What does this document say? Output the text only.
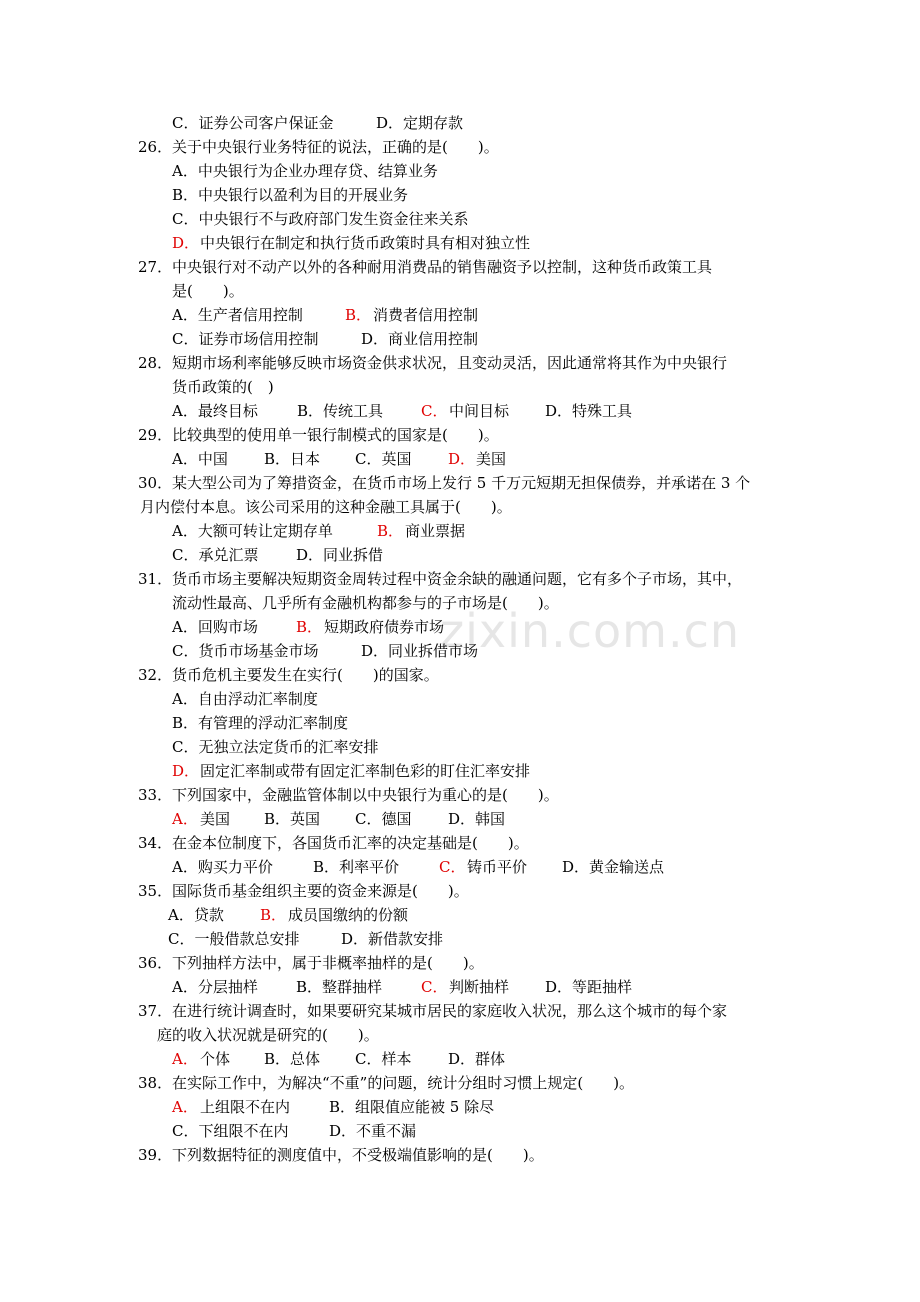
zixin.com.cn
C．证券公司客户保证金	D．定期存款
26． 关于中央银行业务特征的说法，正确的是(　　)。
A．中央银行为企业办理存贷、结算业务
B．中央银行以盈利为目的开展业务
C．中央银行不与政府部门发生资金往来关系
D． 中央银行在制定和执行货币政策时具有相对独立性
27． 中央银行对不动产以外的各种耐用消费品的销售融资予以控制，这种货币政策工具
是(　　)。
A．生产者信用控制	B． 消费者信用控制
C．证券市场信用控制	D．商业信用控制
28． 短期市场利率能够反映市场资金供求状况，且变动灵活，因此通常将其作为中央银行
货币政策的(　)
A．最终目标	B．传统工具	C． 中间目标 D．特殊工具
29． 比较典型的使用单一银行制模式的国家是(　　)。
A．中国 B．日本 C．英国 D． 美国
30． 某大型公司为了筹措资金，在货币市场上发行 5 千万元短期无担保债券，并承诺在 3 个
月内偿付本息。该公司采用的这种金融工具属于(　　)。
A．大额可转让定期存单	B． 商业票据
C．承兑汇票	D．同业拆借
31． 货币市场主要解决短期资金周转过程中资金余缺的融通问题，它有多个子市场，其中，
流动性最高、几乎所有金融机构都参与的子市场是(　　)。
A．回购市场	B． 短期政府债券市场
C．货币市场基金市场	D．同业拆借市场
32． 货币危机主要发生在实行(　　)的国家。
A．自由浮动汇率制度
B．有管理的浮动汇率制度
C．无独立法定货币的汇率安排
D． 固定汇率制或带有固定汇率制色彩的盯住汇率安排
33． 下列国家中，金融监管体制以中央银行为重心的是(　　)。
A． 美国 B．英国 C．德国 D．韩国
34． 在金本位制度下，各国货币汇率的决定基础是(　　)。
A．购买力平价	B．利率平价	C． 铸币平价 D．黄金输送点
35． 国际货币基金组织主要的资金来源是(　　)。
A．贷款 B． 成员国缴纳的份额
C．一般借款总安排	D．新借款安排
36． 下列抽样方法中，属于非概率抽样的是(　　)。
A．分层抽样	B．整群抽样	C． 判断抽样 D．等距抽样
37． 在进行统计调查时，如果要研究某城市居民的家庭收入状况，那么这个城市的每个家
庭的收入状况就是研究的(　　)。
A． 个体 B．总体 C．样本 D．群体
38． 在实际工作中，为解决“不重”的问题，统计分组时习惯上规定(　　)。
A． 上组限不在内	B．组限值应能被 5 除尽
C．下组限不在内	D．不重不漏
39． 下列数据特征的测度值中，不受极端值影响的是(　　)。
